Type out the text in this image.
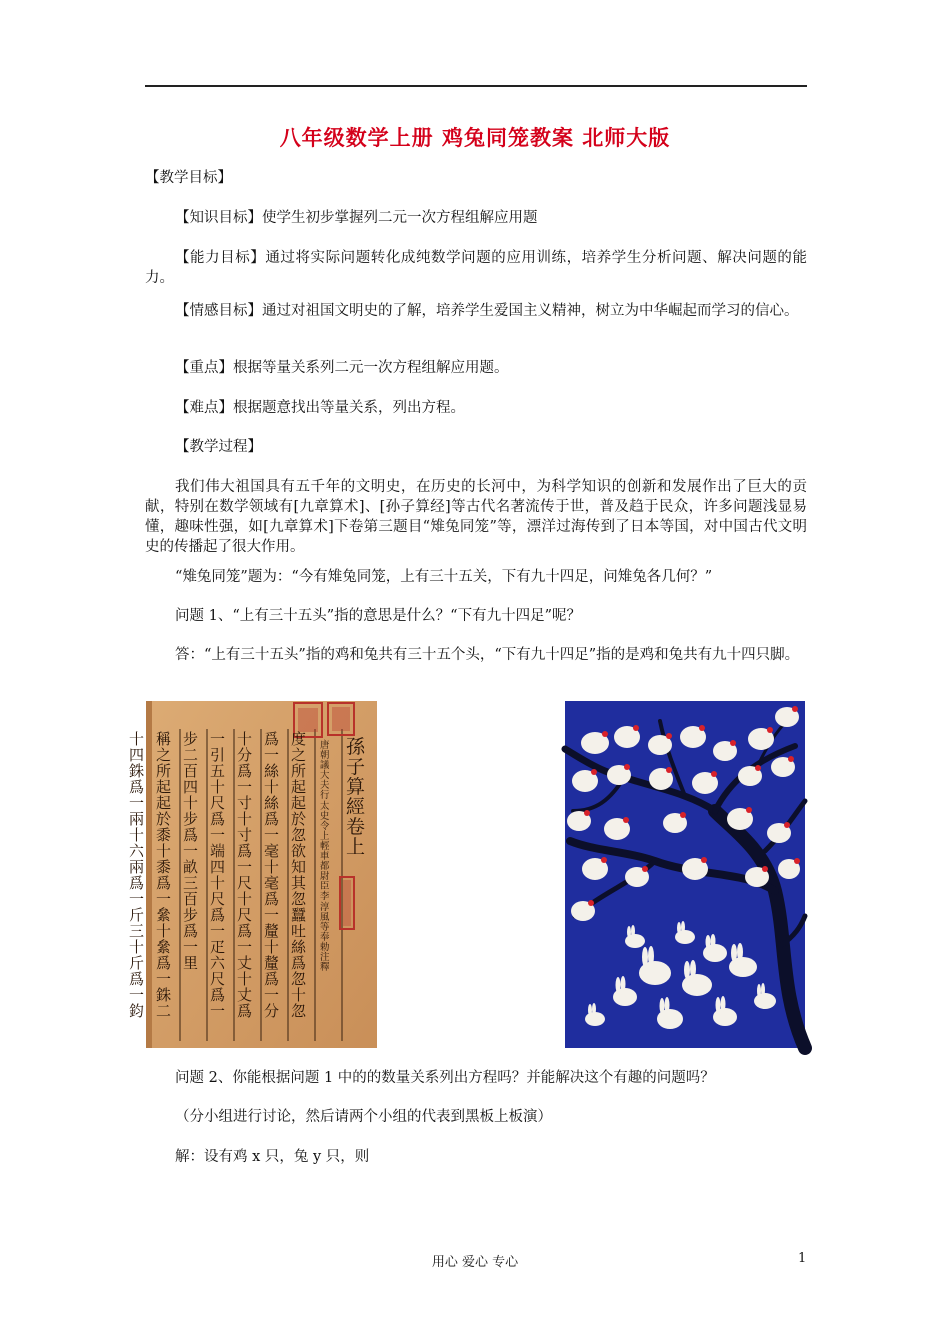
八年级数学上册 鸡兔同笼教案 北师大版

【教学目标】

【知识目标】使学生初步掌握列二元一次方程组解应用题

【能力目标】通过将实际问题转化成纯数学问题的应用训练，培养学生分析问题、解决问题的能力。

【情感目标】通过对祖国文明史的了解，培养学生爱国主义精神，树立为中华崛起而学习的信心。

【重点】根据等量关系列二元一次方程组解应用题。

【难点】根据题意找出等量关系，列出方程。

【教学过程】

我们伟大祖国具有五千年的文明史，在历史的长河中，为科学知识的创新和发展作出了巨大的贡献，特别在数学领域有[九章算术]、[孙子算经]等古代名著流传于世，普及趋于民众，许多问题浅显易懂，趣味性强，如[九章算术]下卷第三题目“雉兔同笼”等，漂洋过海传到了日本等国，对中国古代文明史的传播起了很大作用。

“雉兔同笼”题为：“今有雉兔同笼，上有三十五关，下有九十四足，问雉兔各几何？”

问题 1、“上有三十五头”指的意思是什么？“下有九十四足”呢？

答：“上有三十五头”指的鸡和兔共有三十五个头，“下有九十四足”指的是鸡和兔共有九十四只脚。

孫子算經卷上
唐朝議大夫行太史令上輕車都尉臣李淳風等奉 勅注釋
度之所起起於忽欲知其忽蠶吐絲爲忽十忽
爲一絲十絲爲一毫十毫爲一釐十釐爲一分
十分爲一寸十寸爲一尺十尺爲一丈十丈爲
一引五十尺爲一端四十尺爲一疋六尺爲一
步二百四十步爲一畝三百步爲一里
稱之所起起於黍十黍爲一絫十絫爲一銖二
十四銖爲一兩十六兩爲一斤三十斤爲一鈞

问题 2、你能根据问题 1 中的的数量关系列出方程吗？并能解决这个有趣的问题吗？

（分小组进行讨论，然后请两个小组的代表到黑板上板演）

解：设有鸡 x 只，兔 y 只，则

用心 爱心 专心	1
